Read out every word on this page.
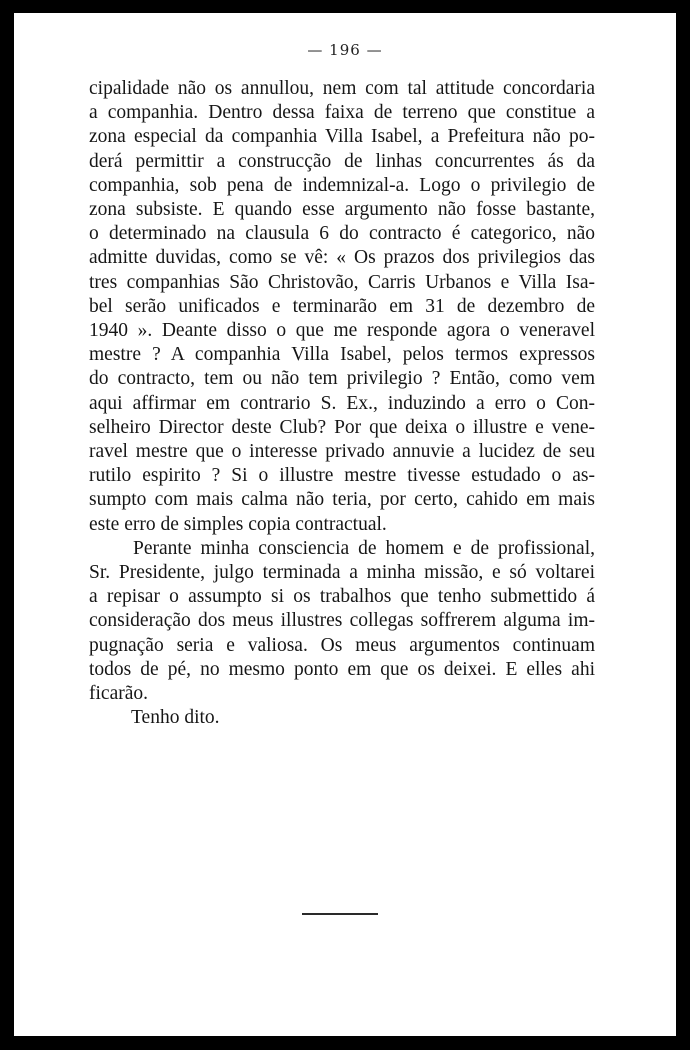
— 196 —
cipalidade não os annullou, nem com tal attitude concordaria
a companhia. Dentro dessa faixa de terreno que constitue a
zona especial da companhia Villa Isabel, a Prefeitura não po-
derá permittir a construcção de linhas concurrentes ás da
companhia, sob pena de indemnizal-a. Logo o privilegio de
zona subsiste. E quando esse argumento não fosse bastante,
o determinado na clausula 6 do contracto é categorico, não
admitte duvidas, como se vê: « Os prazos dos privilegios das
tres companhias São Christovão, Carris Urbanos e Villa Isa-
bel serão unificados e terminarão em 31 de dezembro de
1940 ». Deante disso o que me responde agora o veneravel
mestre ? A companhia Villa Isabel, pelos termos expressos
do contracto, tem ou não tem privilegio ? Então, como vem
aqui affirmar em contrario S. Ex., induzindo a erro o Con-
selheiro Director deste Club? Por que deixa o illustre e vene-
ravel mestre que o interesse privado annuvie a lucidez de seu
rutilo espirito ? Si o illustre mestre tivesse estudado o as-
sumpto com mais calma não teria, por certo, cahido em mais
este erro de simples copia contractual.
Perante minha consciencia de homem e de profissional,
Sr. Presidente, julgo terminada a minha missão, e só voltarei
a repisar o assumpto si os trabalhos que tenho submettido á
consideração dos meus illustres collegas soffrerem alguma im-
pugnação seria e valiosa. Os meus argumentos continuam
todos de pé, no mesmo ponto em que os deixei. E elles ahi
ficarão.
Tenho dito.
